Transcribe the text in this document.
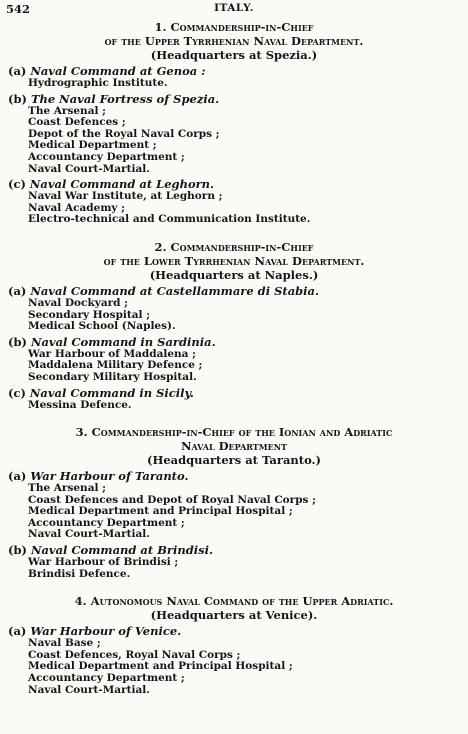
542	ITALY.
1. Commandership-in-Chief
of the Upper Tyrrhenian Naval Department.
(Headquarters at Spezia.)
(a) Naval Command at Genoa :
Hydrographic Institute.
(b) The Naval Fortress of Spezia.
The Arsenal ;
Coast Defences ;
Depot of the Royal Naval Corps ;
Medical Department ;
Accountancy Department ;
Naval Court-Martial.
(c) Naval Command at Leghorn.
Naval War Institute, at Leghorn ;
Naval Academy ;
Electro-technical and Communication Institute.
2. Commandership-in-Chief
of the Lower Tyrrhenian Naval Department.
(Headquarters at Naples.)
(a) Naval Command at Castellammare di Stabia.
Naval Dockyard ;
Secondary Hospital ;
Medical School (Naples).
(b) Naval Command in Sardinia.
War Harbour of Maddalena ;
Maddalena Military Defence ;
Secondary Military Hospital.
(c) Naval Command in Sicily.
Messina Defence.
3. Commandership-in-Chief of the Ionian and Adriatic
Naval Department
(Headquarters at Taranto.)
(a) War Harbour of Taranto.
The Arsenal ;
Coast Defences and Depot of Royal Naval Corps ;
Medical Department and Principal Hospital ;
Accountancy Department ;
Naval Court-Martial.
(b) Naval Command at Brindisi.
War Harbour of Brindisi ;
Brindisi Defence.
4. Autonomous Naval Command of the Upper Adriatic.
(Headquarters at Venice).
(a) War Harbour of Venice.
Naval Base ;
Coast Defences, Royal Naval Corps ;
Medical Department and Principal Hospital ;
Accountancy Department ;
Naval Court-Martial.
